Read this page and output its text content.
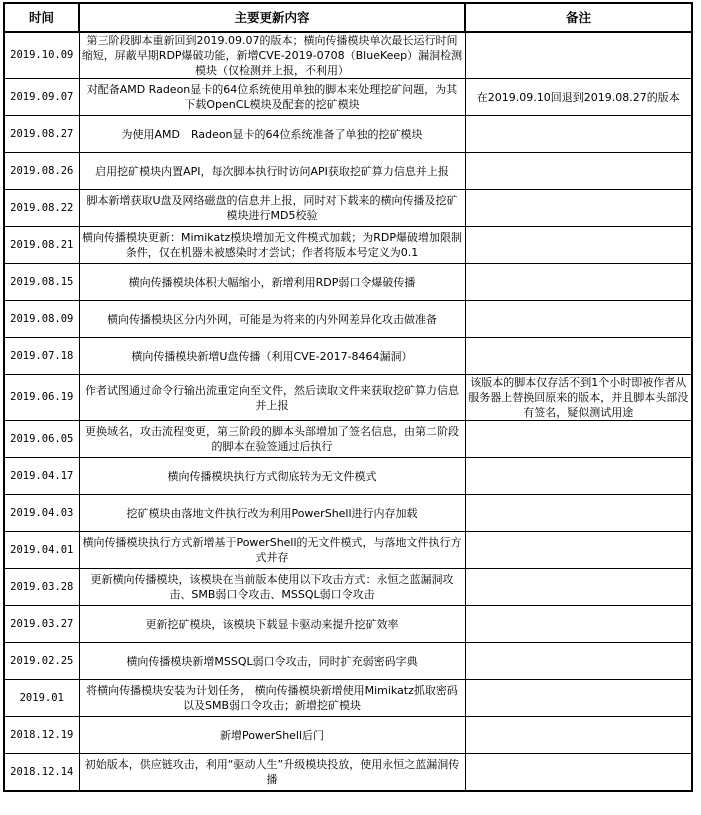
时间	主要更新内容	备注
2019.10.09	第三阶段脚本重新回到2019.09.07的版本；横向传播模块单次最长运行时间缩短，屏蔽早期RDP爆破功能，新增CVE-2019-0708（BlueKeep）漏洞检测模块（仅检测并上报，不利用）	
2019.09.07	对配备AMD Radeon显卡的64位系统使用单独的脚本来处理挖矿问题，为其下载OpenCL模块及配套的挖矿模块	在2019.09.10回退到2019.08.27的版本
2019.08.27	为使用AMD　Radeon显卡的64位系统准备了单独的挖矿模块	
2019.08.26	启用挖矿模块内置API，每次脚本执行时访问API获取挖矿算力信息并上报	
2019.08.22	脚本新增获取U盘及网络磁盘的信息并上报，同时对下载来的横向传播及挖矿模块进行MD5校验	
2019.08.21	横向传播模块更新：Mimikatz模块增加无文件模式加载；为RDP爆破增加限制条件，仅在机器未被感染时才尝试；作者将版本号定义为0.1	
2019.08.15	横向传播模块体积大幅缩小，新增利用RDP弱口令爆破传播	
2019.08.09	横向传播模块区分内外网，可能是为将来的内外网差异化攻击做准备	
2019.07.18	横向传播模块新增U盘传播（利用CVE-2017-8464漏洞）	
2019.06.19	作者试图通过命令行输出流重定向至文件，然后读取文件来获取挖矿算力信息并上报	该版本的脚本仅存活不到1个小时即被作者从服务器上替换回原来的版本，并且脚本头部没有签名，疑似测试用途
2019.06.05	更换域名，攻击流程变更，第三阶段的脚本头部增加了签名信息，由第二阶段的脚本在验签通过后执行	
2019.04.17	横向传播模块执行方式彻底转为无文件模式	
2019.04.03	挖矿模块由落地文件执行改为利用PowerShell进行内存加载	
2019.04.01	横向传播模块执行方式新增基于PowerShell的无文件模式，与落地文件执行方式并存	
2019.03.28	更新横向传播模块，该模块在当前版本使用以下攻击方式：永恒之蓝漏洞攻击、SMB弱口令攻击、MSSQL弱口令攻击	
2019.03.27	更新挖矿模块，该模块下载显卡驱动来提升挖矿效率	
2019.02.25	横向传播模块新增MSSQL弱口令攻击，同时扩充弱密码字典	
2019.01	将横向传播模块安装为计划任务， 横向传播模块新增使用Mimikatz抓取密码以及SMB弱口令攻击；新增挖矿模块	
2018.12.19	新增PowerShell后门	
2018.12.14	初始版本，供应链攻击，利用“驱动人生”升级模块投放，使用永恒之蓝漏洞传播	
